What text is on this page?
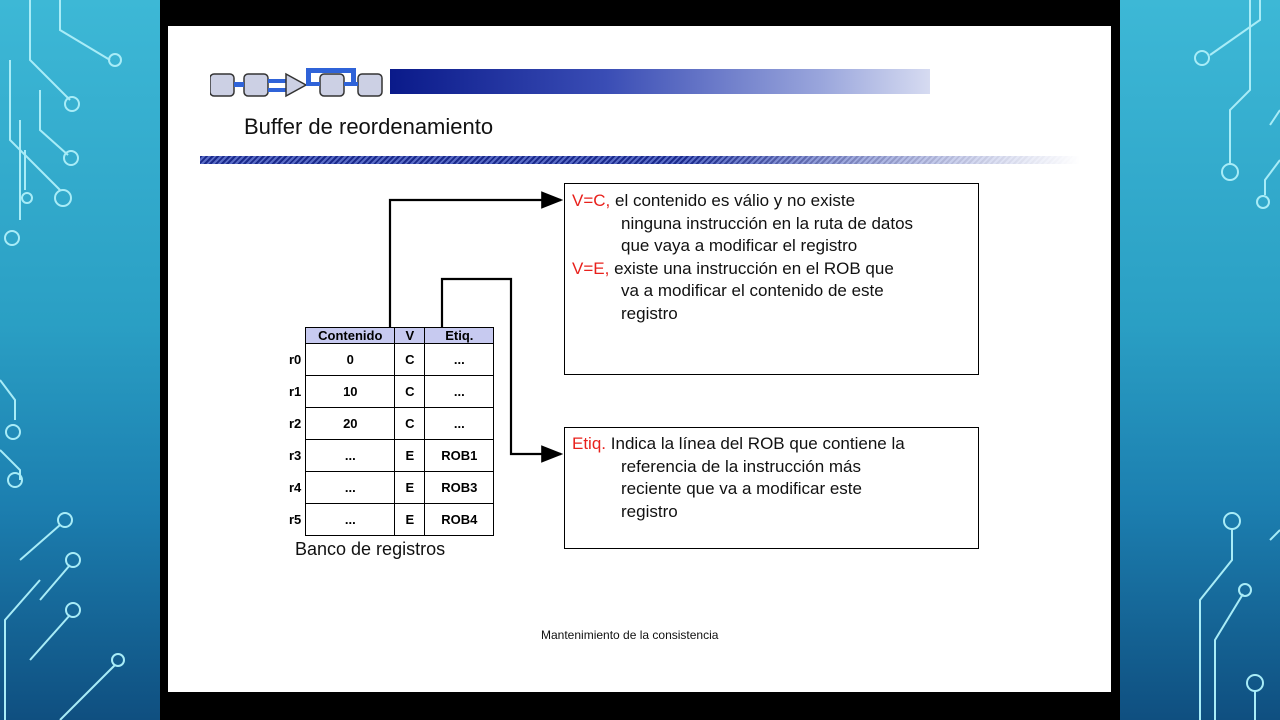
Buffer de reordenamiento
	Contenido	V	Etiq.
r0	0	C	...
r1	10	C	...
r2	20	C	...
r3	...	E	ROB1
r4	...	E	ROB3
r5	...	E	ROB4
Banco de registros
V=C, el contenido es válio y no existe
ninguna instrucción en la ruta de datos
que vaya a modificar el registro
V=E, existe una instrucción en el ROB que
va a modificar el contenido de este
registro
Etiq. Indica la línea del ROB que contiene la
referencia de la instrucción más
reciente que va a modificar este
registro
Mantenimiento de la consistencia
